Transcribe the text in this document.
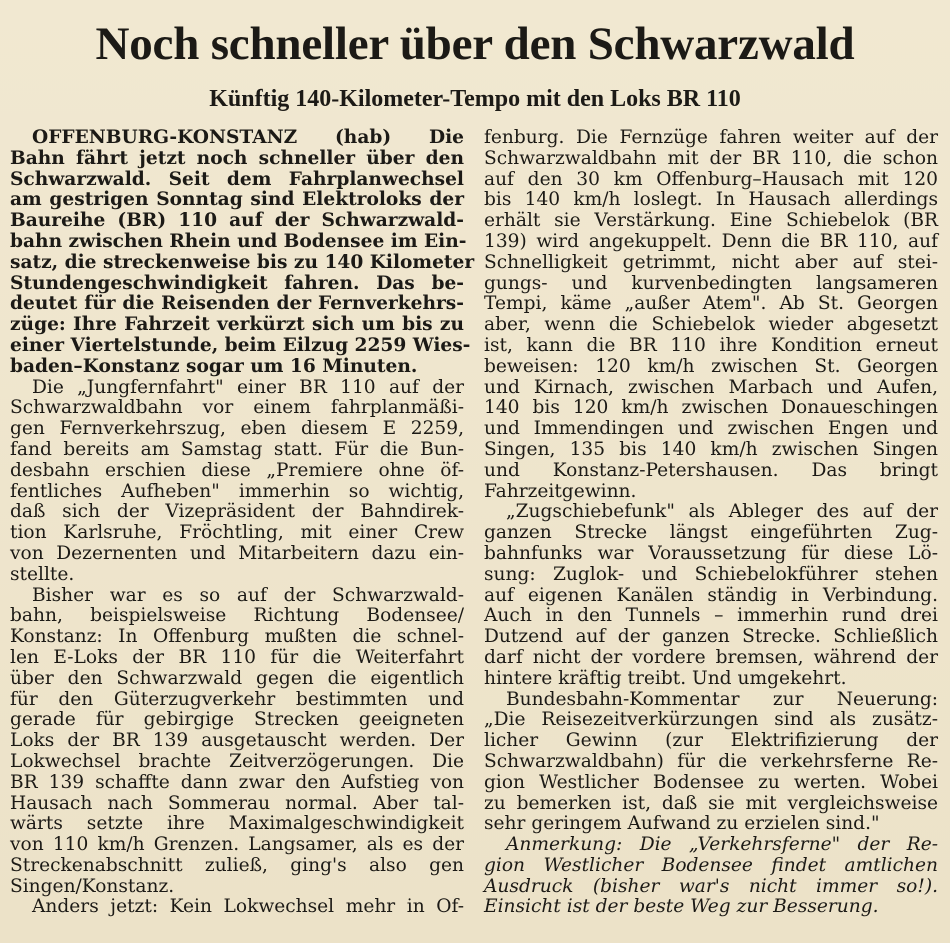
Noch schneller über den Schwarzwald
Künftig 140-Kilometer-Tempo mit den Loks BR 110
OFFENBURG-KONSTANZ (hab) Die
Bahn fährt jetzt noch schneller über den
Schwarzwald. Seit dem Fahrplanwechsel
am gestrigen Sonntag sind Elektroloks der
Baureihe (BR) 110 auf der Schwarzwald-
bahn zwischen Rhein und Bodensee im Ein-
satz, die streckenweise bis zu 140 Kilometer
Stundengeschwindigkeit fahren. Das be-
deutet für die Reisenden der Fernverkehrs-
züge: Ihre Fahrzeit verkürzt sich um bis zu
einer Viertelstunde, beim Eilzug 2259 Wies-
baden–Konstanz sogar um 16 Minuten.
Die „Jungfernfahrt" einer BR 110 auf der
Schwarzwaldbahn vor einem fahrplanmäßi-
gen Fernverkehrszug, eben diesem E 2259,
fand bereits am Samstag statt. Für die Bun-
desbahn erschien diese „Premiere ohne öf-
fentliches Aufheben" immerhin so wichtig,
daß sich der Vizepräsident der Bahndirek-
tion Karlsruhe, Fröchtling, mit einer Crew
von Dezernenten und Mitarbeitern dazu ein-
stellte.
Bisher war es so auf der Schwarzwald-
bahn, beispielsweise Richtung Bodensee/
Konstanz: In Offenburg mußten die schnel-
len E-Loks der BR 110 für die Weiterfahrt
über den Schwarzwald gegen die eigentlich
für den Güterzugverkehr bestimmten und
gerade für gebirgige Strecken geeigneten
Loks der BR 139 ausgetauscht werden. Der
Lokwechsel brachte Zeitverzögerungen. Die
BR 139 schaffte dann zwar den Aufstieg von
Hausach nach Sommerau normal. Aber tal-
wärts setzte ihre Maximalgeschwindigkeit
von 110 km/h Grenzen. Langsamer, als es der
Streckenabschnitt zuließ, ging's also gen
Singen/Konstanz.
Anders jetzt: Kein Lokwechsel mehr in Of-
fenburg. Die Fernzüge fahren weiter auf der
Schwarzwaldbahn mit der BR 110, die schon
auf den 30 km Offenburg–Hausach mit 120
bis 140 km/h loslegt. In Hausach allerdings
erhält sie Verstärkung. Eine Schiebelok (BR
139) wird angekuppelt. Denn die BR 110, auf
Schnelligkeit getrimmt, nicht aber auf stei-
gungs- und kurvenbedingten langsameren
Tempi, käme „außer Atem". Ab St. Georgen
aber, wenn die Schiebelok wieder abgesetzt
ist, kann die BR 110 ihre Kondition erneut
beweisen: 120 km/h zwischen St. Georgen
und Kirnach, zwischen Marbach und Aufen,
140 bis 120 km/h zwischen Donaueschingen
und Immendingen und zwischen Engen und
Singen, 135 bis 140 km/h zwischen Singen
und Konstanz-Petershausen. Das bringt
Fahrzeitgewinn.
„Zugschiebefunk" als Ableger des auf der
ganzen Strecke längst eingeführten Zug-
bahnfunks war Voraussetzung für diese Lö-
sung: Zuglok- und Schiebelokführer stehen
auf eigenen Kanälen ständig in Verbindung.
Auch in den Tunnels – immerhin rund drei
Dutzend auf der ganzen Strecke. Schließlich
darf nicht der vordere bremsen, während der
hintere kräftig treibt. Und umgekehrt.
Bundesbahn-Kommentar zur Neuerung:
„Die Reisezeitverkürzungen sind als zusätz-
licher Gewinn (zur Elektrifizierung der
Schwarzwaldbahn) für die verkehrsferne Re-
gion Westlicher Bodensee zu werten. Wobei
zu bemerken ist, daß sie mit vergleichsweise
sehr geringem Aufwand zu erzielen sind."
Anmerkung: Die „Verkehrsferne" der Re-
gion Westlicher Bodensee findet amtlichen
Ausdruck (bisher war's nicht immer so!).
Einsicht ist der beste Weg zur Besserung.
